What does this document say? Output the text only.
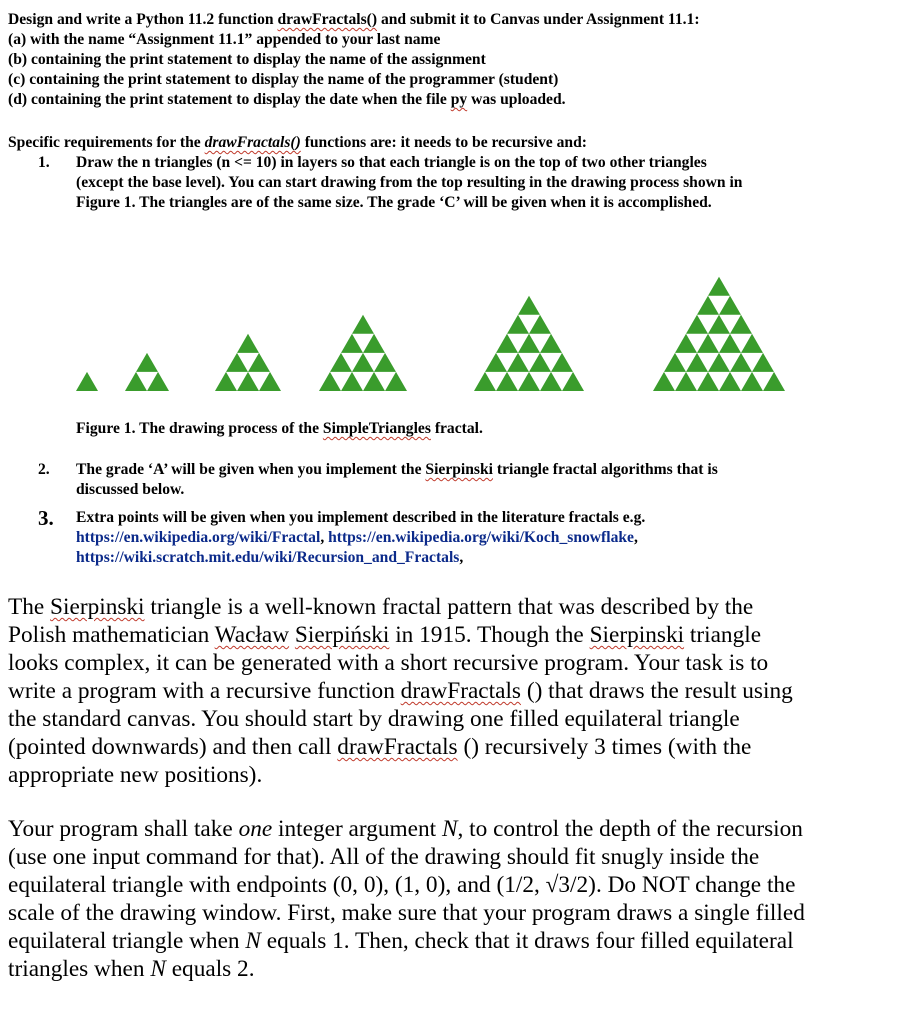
Design and write a Python 11.2 function drawFractals() and submit it to Canvas under Assignment 11.1:
(a) with the name “Assignment 11.1” appended to your last name
(b) containing the print statement to display the name of the assignment
(c) containing the print statement to display the name of the programmer (student)
(d) containing the print statement to display the date when the file py was uploaded.
Specific requirements for the drawFractals() functions are: it needs to be recursive and:
1. Draw the n triangles (n <= 10) in layers so that each triangle is on the top of two other triangles
(except the base level). You can start drawing from the top resulting in the drawing process shown in
Figure 1. The triangles are of the same size. The grade ‘C’ will be given when it is accomplished.
Figure 1. The drawing process of the SimpleTriangles fractal.
2. The grade ‘A’ will be given when you implement the Sierpinski triangle fractal algorithms that is
discussed below.
3. Extra points will be given when you implement described in the literature fractals e.g.
https://en.wikipedia.org/wiki/Fractal, https://en.wikipedia.org/wiki/Koch_snowflake,
https://wiki.scratch.mit.edu/wiki/Recursion_and_Fractals,
The Sierpinski triangle is a well-known fractal pattern that was described by the
Polish mathematician Wacław Sierpiński in 1915. Though the Sierpinski triangle
looks complex, it can be generated with a short recursive program. Your task is to
write a program with a recursive function drawFractals () that draws the result using
the standard canvas. You should start by drawing one filled equilateral triangle
(pointed downwards) and then call drawFractals () recursively 3 times (with the
appropriate new positions).
Your program shall take one integer argument N, to control the depth of the recursion
(use one input command for that). All of the drawing should fit snugly inside the
equilateral triangle with endpoints (0, 0), (1, 0), and (1/2, √3/2). Do NOT change the
scale of the drawing window. First, make sure that your program draws a single filled
equilateral triangle when N equals 1. Then, check that it draws four filled equilateral
triangles when N equals 2.
